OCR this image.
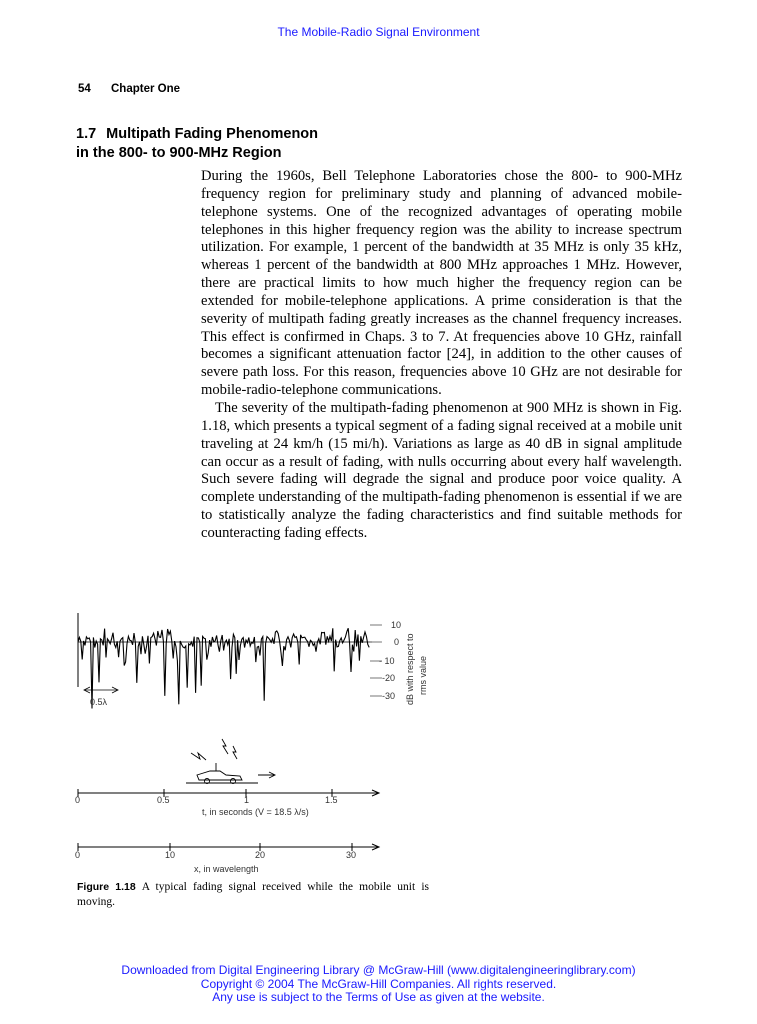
The Mobile-Radio Signal Environment
54 Chapter One
1.7 Multipath Fading Phenomenon
in the 800- to 900-MHz Region

During the 1960s, Bell Telephone Laboratories chose the 800- to 900-MHz frequency region for preliminary study and planning of advanced mobile-telephone systems. One of the recognized advantages of operating mobile telephones in this higher frequency region was the ability to increase spectrum utilization. For example, 1 percent of the bandwidth at 35 MHz is only 35 kHz, whereas 1 percent of the bandwidth at 800 MHz approaches 1 MHz. However, there are practical limits to how much higher the frequency region can be extended for mobile-telephone applications. A prime consideration is that the severity of multipath fading greatly increases as the channel frequency increases. This effect is confirmed in Chaps. 3 to 7. At frequencies above 10 GHz, rainfall becomes a significant attenuation factor [24], in addition to the other causes of severe path loss. For this reason, frequencies above 10 GHz are not desirable for mobile-radio-telephone communications.

The severity of the multipath-fading phenomenon at 900 MHz is shown in Fig. 1.18, which presents a typical segment of a fading signal received at a mobile unit traveling at 24 km/h (15 mi/h). Variations as large as 40 dB in signal amplitude can occur as a result of fading, with nulls occurring about every half wavelength. Such severe fading will degrade the signal and produce poor voice quality. A complete understanding of the multipath-fading phenomenon is essential if we are to statistically analyze the fading characteristics and find suitable methods for counteracting fading effects.

10
0
- 10
-20
-30 dB with respect to rms value
0.5λ
0	0.5	1	1.5
t, in seconds (V = 18.5 λ/s)
0	10	20	30
x, in wavelength
Figure 1.18 A typical fading signal received while the mobile unit is moving.
Downloaded from Digital Engineering Library @ McGraw-Hill (www.digitalengineeringlibrary.com)
Copyright © 2004 The McGraw-Hill Companies. All rights reserved.
Any use is subject to the Terms of Use as given at the website.
